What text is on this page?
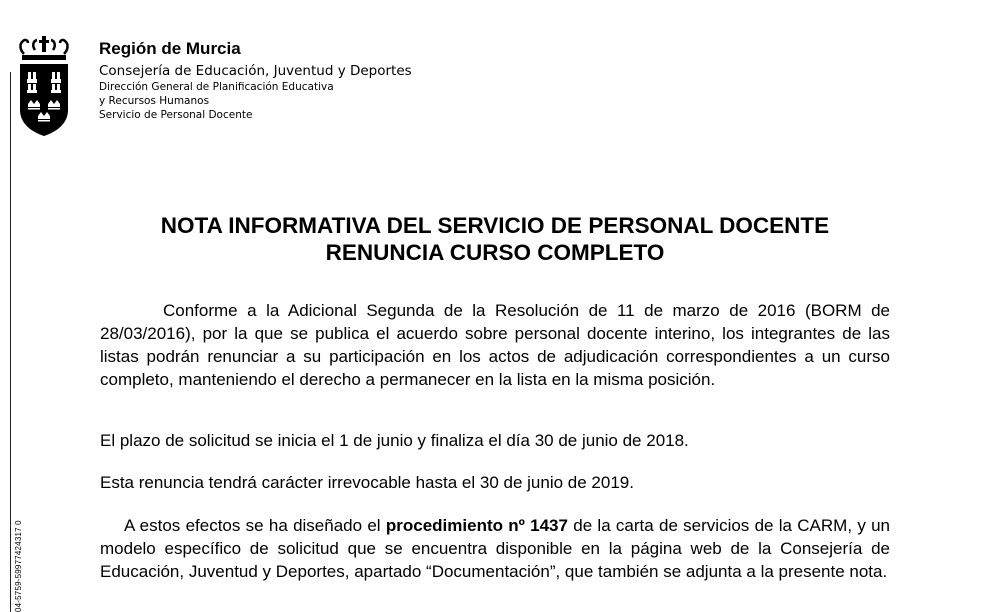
04-5759-59977424317 0
Región de Murcia
Consejería de Educación, Juventud y Deportes
Dirección General de Planificación Educativa
y Recursos Humanos
Servicio de Personal Docente
NOTA INFORMATIVA DEL SERVICIO DE PERSONAL DOCENTE
RENUNCIA CURSO COMPLETO
Conforme a la Adicional Segunda de la Resolución de 11 de marzo de 2016 (BORM de 28/03/2016), por la que se publica el acuerdo sobre personal docente interino, los integrantes de las listas podrán renunciar a su participación en los actos de adjudicación correspondientes a un curso completo, manteniendo el derecho a permanecer en la lista en la misma posición.
El plazo de solicitud se inicia el 1 de junio y finaliza el día 30 de junio de 2018.
Esta renuncia tendrá carácter irrevocable hasta el 30 de junio de 2019.
A estos efectos se ha diseñado el procedimiento nº 1437 de la carta de servicios de la CARM, y un modelo específico de solicitud que se encuentra disponible en la página web de la Consejería de Educación, Juventud y Deportes, apartado “Documentación”, que también se adjunta a la presente nota.
